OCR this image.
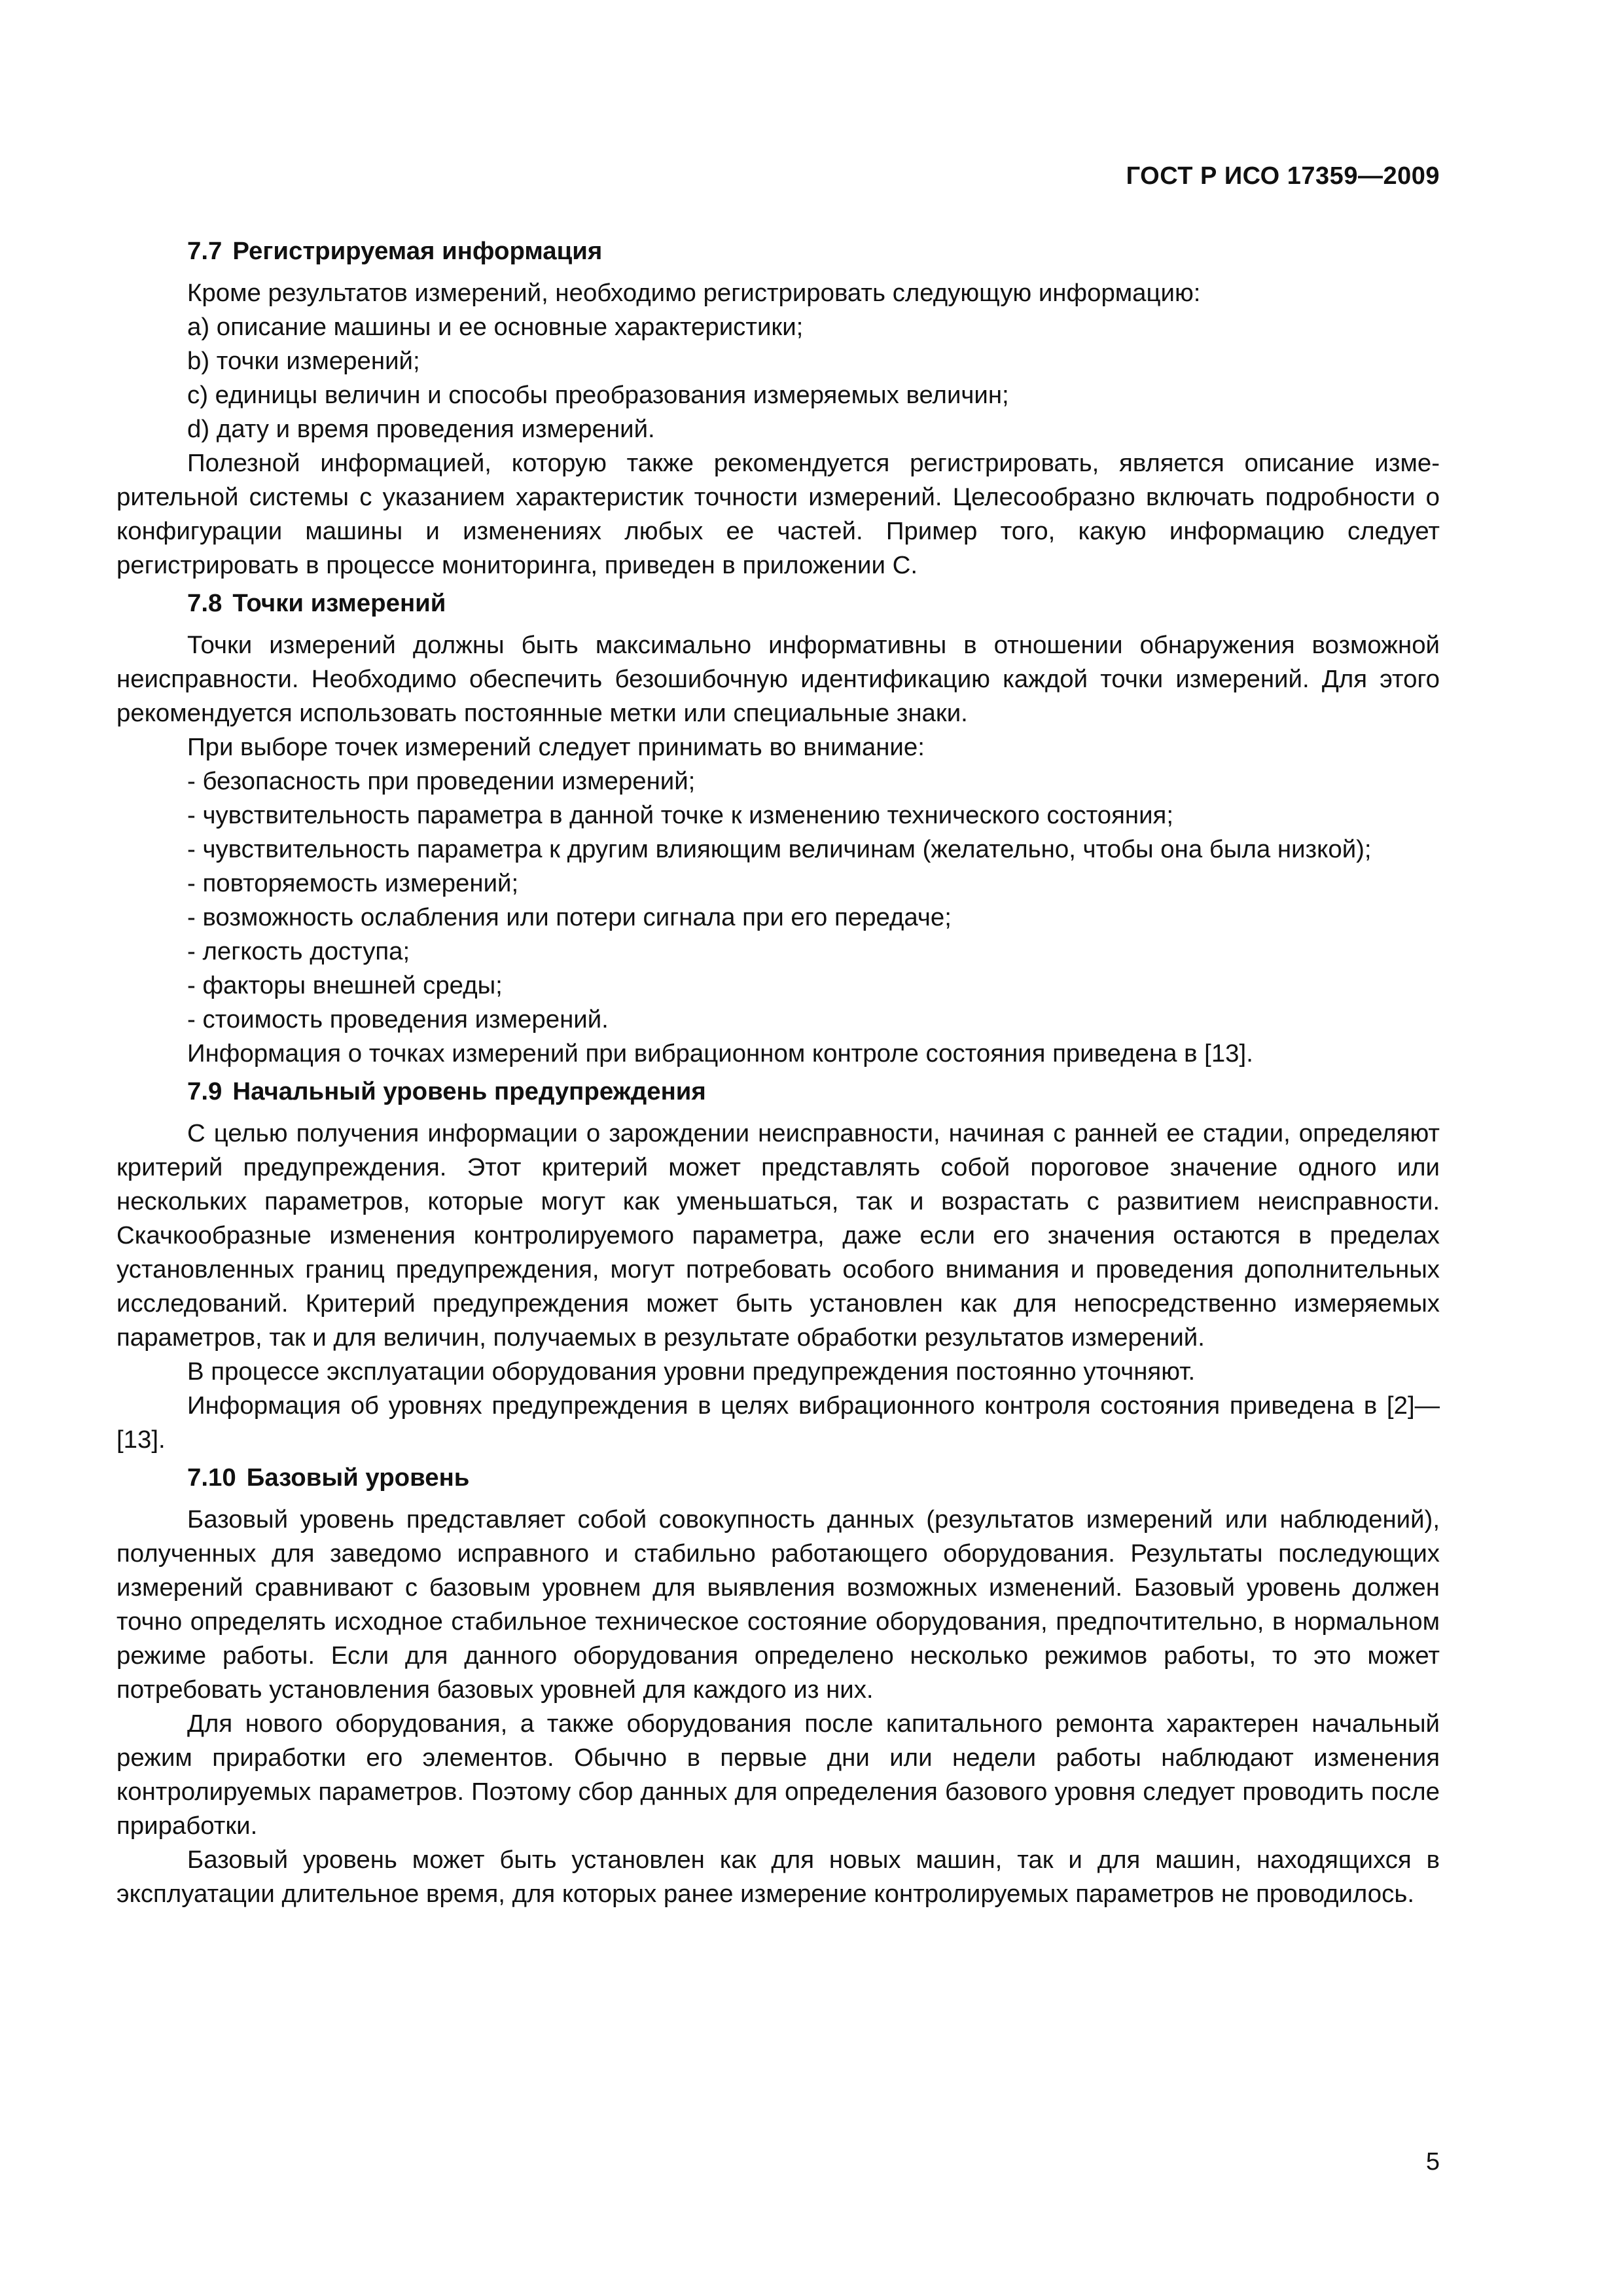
ГОСТ Р ИСО 17359—2009
7.7 Регистрируемая информация

Кроме результатов измерений, необходимо регистрировать следующую информацию:

a) описание машины и ее основные характеристики;

b) точки измерений;

c) единицы величин и способы преобразования измеряемых величин;

d) дату и время проведения измерений.

Полезной информацией, которую также рекомендуется регистрировать, является описание измерительной системы с указанием характеристик точности измерений. Целесообразно включать подробности о конфигурации машины и изменениях любых ее частей. Пример того, какую информацию следует регистрировать в процессе мониторинга, приведен в приложении С.

7.8 Точки измерений

Точки измерений должны быть максимально информативны в отношении обнаружения возможной неисправности. Необходимо обеспечить безошибочную идентификацию каждой точки измерений. Для этого рекомендуется использовать постоянные метки или специальные знаки.

При выборе точек измерений следует принимать во внимание:

- безопасность при проведении измерений;

- чувствительность параметра в данной точке к изменению технического состояния;

- чувствительность параметра к другим влияющим величинам (желательно, чтобы она была низкой);

- повторяемость измерений;

- возможность ослабления или потери сигнала при его передаче;

- легкость доступа;

- факторы внешней среды;

- стоимость проведения измерений.

Информация о точках измерений при вибрационном контроле состояния приведена в [13].

7.9 Начальный уровень предупреждения

С целью получения информации о зарождении неисправности, начиная с ранней ее стадии, определяют критерий предупреждения. Этот критерий может представлять собой пороговое значение одного или нескольких параметров, которые могут как уменьшаться, так и возрастать с развитием неисправности. Скачкообразные изменения контролируемого параметра, даже если его значения остаются в пределах установленных границ предупреждения, могут потребовать особого внимания и проведения дополнительных исследований. Критерий предупреждения может быть установлен как для непосредственно измеряемых параметров, так и для величин, получаемых в результате обработки результатов измерений.

В процессе эксплуатации оборудования уровни предупреждения постоянно уточняют.

Информация об уровнях предупреждения в целях вибрационного контроля состояния приведена в [2]—[13].

7.10 Базовый уровень

Базовый уровень представляет собой совокупность данных (результатов измерений или наблюдений), полученных для заведомо исправного и стабильно работающего оборудования. Результаты последующих измерений сравнивают с базовым уровнем для выявления возможных изменений. Базовый уровень должен точно определять исходное стабильное техническое состояние оборудования, предпочтительно, в нормальном режиме работы. Если для данного оборудования определено несколько режимов работы, то это может потребовать установления базовых уровней для каждого из них.

Для нового оборудования, а также оборудования после капитального ремонта характерен начальный режим приработки его элементов. Обычно в первые дни или недели работы наблюдают изменения контролируемых параметров. Поэтому сбор данных для определения базового уровня следует проводить после приработки.

Базовый уровень может быть установлен как для новых машин, так и для машин, находящихся в эксплуатации длительное время, для которых ранее измерение контролируемых параметров не проводилось.

5
